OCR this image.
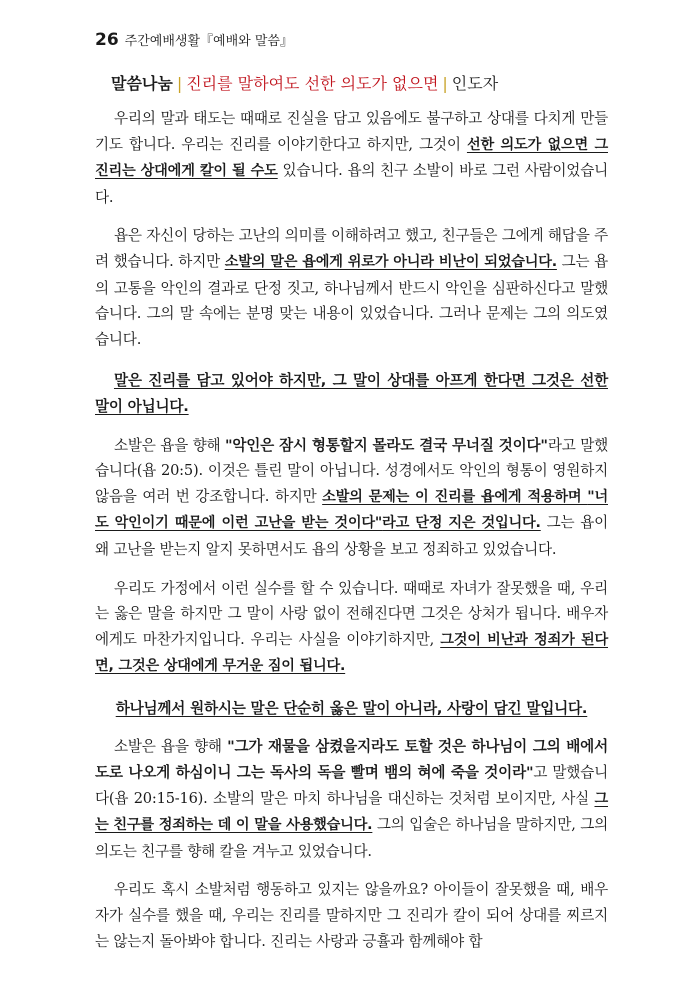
26 주간예배생활『예배와 말씀』
말씀나눔 | 진리를 말하여도 선한 의도가 없으면 | 인도자

우리의 말과 태도는 때때로 진실을 담고 있음에도 불구하고 상대를 다치게 만들기도 합니다. 우리는 진리를 이야기한다고 하지만, 그것이 선한 의도가 없으면 그 진리는 상대에게 칼이 될 수도 있습니다. 욥의 친구 소발이 바로 그런 사람이었습니다.

욥은 자신이 당하는 고난의 의미를 이해하려고 했고, 친구들은 그에게 해답을 주려 했습니다. 하지만 소발의 말은 욥에게 위로가 아니라 비난이 되었습니다. 그는 욥의 고통을 악인의 결과로 단정 짓고, 하나님께서 반드시 악인을 심판하신다고 말했습니다. 그의 말 속에는 분명 맞는 내용이 있었습니다. 그러나 문제는 그의 의도였습니다.

말은 진리를 담고 있어야 하지만, 그 말이 상대를 아프게 한다면 그것은 선한 말이 아닙니다.

소발은 욥을 향해 "악인은 잠시 형통할지 몰라도 결국 무너질 것이다"라고 말했습니다(욥 20:5). 이것은 틀린 말이 아닙니다. 성경에서도 악인의 형통이 영원하지 않음을 여러 번 강조합니다. 하지만 소발의 문제는 이 진리를 욥에게 적용하며 "너도 악인이기 때문에 이런 고난을 받는 것이다"라고 단정 지은 것입니다. 그는 욥이 왜 고난을 받는지 알지 못하면서도 욥의 상황을 보고 정죄하고 있었습니다.

우리도 가정에서 이런 실수를 할 수 있습니다. 때때로 자녀가 잘못했을 때, 우리는 옳은 말을 하지만 그 말이 사랑 없이 전해진다면 그것은 상처가 됩니다. 배우자에게도 마찬가지입니다. 우리는 사실을 이야기하지만, 그것이 비난과 정죄가 된다면, 그것은 상대에게 무거운 짐이 됩니다.

하나님께서 원하시는 말은 단순히 옳은 말이 아니라, 사랑이 담긴 말입니다.

소발은 욥을 향해 "그가 재물을 삼켰을지라도 토할 것은 하나님이 그의 배에서 도로 나오게 하심이니 그는 독사의 독을 빨며 뱀의 혀에 죽을 것이라"고 말했습니다(욥 20:15-16). 소발의 말은 마치 하나님을 대신하는 것처럼 보이지만, 사실 그는 친구를 정죄하는 데 이 말을 사용했습니다. 그의 입술은 하나님을 말하지만, 그의 의도는 친구를 향해 칼을 겨누고 있었습니다.

우리도 혹시 소발처럼 행동하고 있지는 않을까요? 아이들이 잘못했을 때, 배우자가 실수를 했을 때, 우리는 진리를 말하지만 그 진리가 칼이 되어 상대를 찌르지는 않는지 돌아봐야 합니다. 진리는 사랑과 긍휼과 함께해야 합
